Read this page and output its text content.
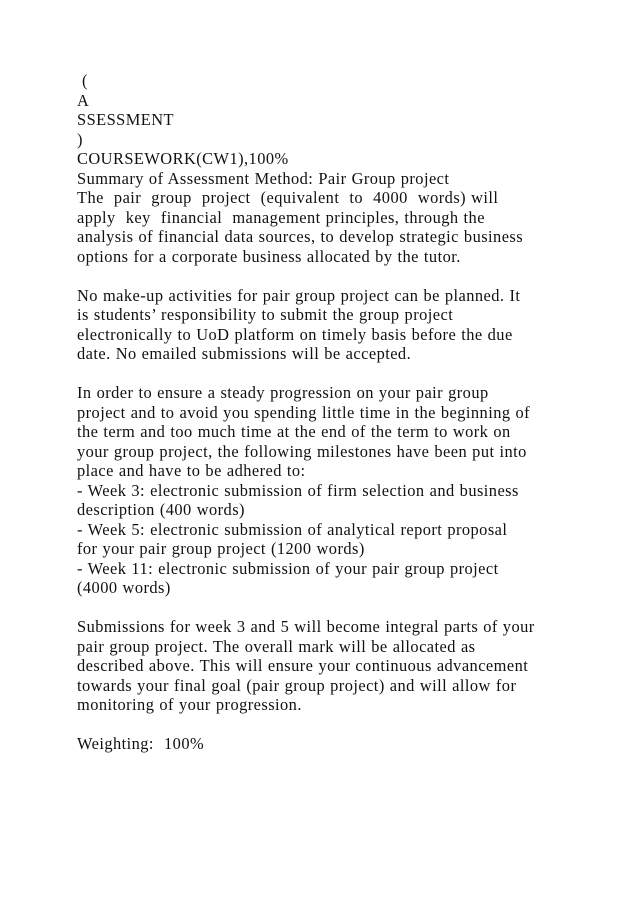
(
A
SSESSMENT
)
COURSEWORK(CW1),100%
Summary of Assessment Method: Pair Group project
The  pair  group  project  (equivalent  to  4000  words) will
apply  key  financial  management principles, through the
analysis of financial data sources, to develop strategic business
options for a corporate business allocated by the tutor.
No make-up activities for pair group project can be planned. It
is students’ responsibility to submit the group project
electronically to UoD platform on timely basis before the due
date. No emailed submissions will be accepted.
In order to ensure a steady progression on your pair group
project and to avoid you spending little time in the beginning of
the term and too much time at the end of the term to work on
your group project, the following milestones have been put into
place and have to be adhered to:
- Week 3: electronic submission of firm selection and business
description (400 words)
- Week 5: electronic submission of analytical report proposal
for your pair group project (1200 words)
- Week 11: electronic submission of your pair group project
(4000 words)
Submissions for week 3 and 5 will become integral parts of your
pair group project. The overall mark will be allocated as
described above. This will ensure your continuous advancement
towards your final goal (pair group project) and will allow for
monitoring of your progression.
Weighting:  100%
